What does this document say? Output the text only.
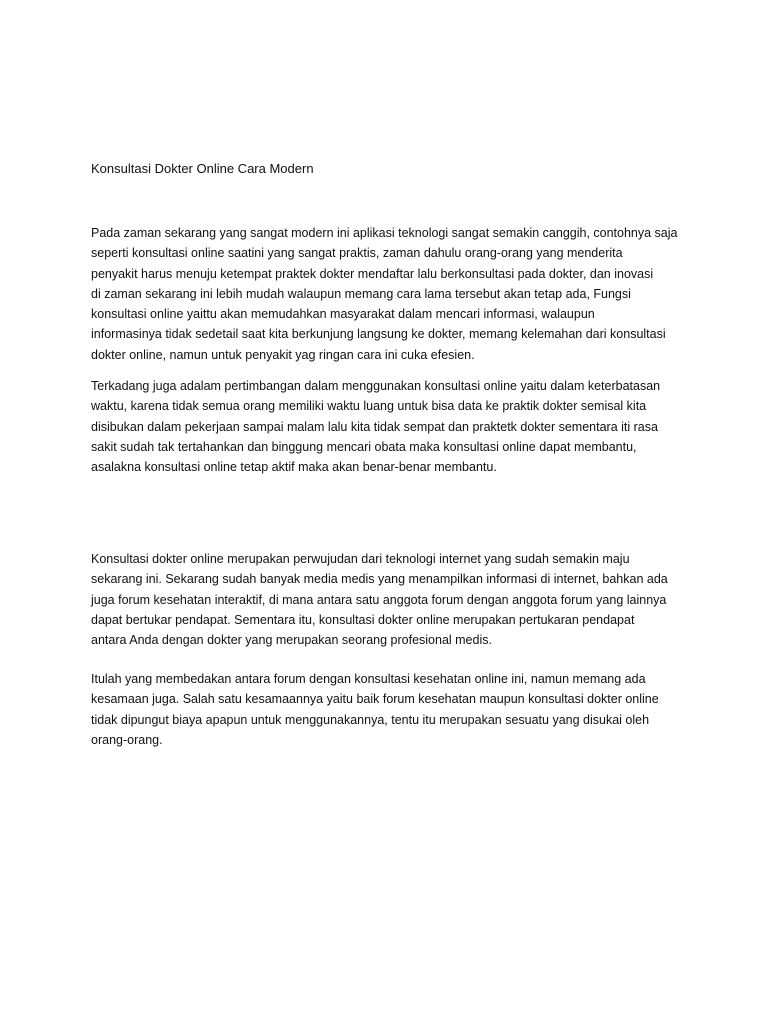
Konsultasi Dokter Online Cara Modern

Pada zaman sekarang yang sangat modern ini aplikasi teknologi sangat semakin canggih, contohnya saja
seperti konsultasi online saatini yang sangat praktis, zaman dahulu orang-orang yang menderita
penyakit harus menuju ketempat praktek dokter mendaftar lalu berkonsultasi pada dokter, dan inovasi
di zaman sekarang ini lebih mudah walaupun memang cara lama tersebut akan tetap ada, Fungsi
konsultasi online yaittu akan memudahkan masyarakat dalam mencari informasi, walaupun
informasinya tidak sedetail saat kita berkunjung langsung ke dokter, memang kelemahan dari konsultasi
dokter online, namun untuk penyakit yag ringan cara ini cuka efesien.

Terkadang juga adalam pertimbangan dalam menggunakan konsultasi online yaitu dalam keterbatasan
waktu, karena tidak semua orang memiliki waktu luang untuk bisa data ke praktik dokter semisal kita
disibukan dalam pekerjaan sampai malam lalu kita tidak sempat dan praktetk dokter sementara iti rasa
sakit sudah tak tertahankan dan binggung mencari obata maka konsultasi online dapat membantu,
asalakna konsultasi online tetap aktif maka akan benar-benar membantu.

Konsultasi dokter online merupakan perwujudan dari teknologi internet yang sudah semakin maju
sekarang ini. Sekarang sudah banyak media medis yang menampilkan informasi di internet, bahkan ada
juga forum kesehatan interaktif, di mana antara satu anggota forum dengan anggota forum yang lainnya
dapat bertukar pendapat. Sementara itu, konsultasi dokter online merupakan pertukaran pendapat
antara Anda dengan dokter yang merupakan seorang profesional medis.

Itulah yang membedakan antara forum dengan konsultasi kesehatan online ini, namun memang ada
kesamaan juga. Salah satu kesamaannya yaitu baik forum kesehatan maupun konsultasi dokter online
tidak dipungut biaya apapun untuk menggunakannya, tentu itu merupakan sesuatu yang disukai oleh
orang-orang.
